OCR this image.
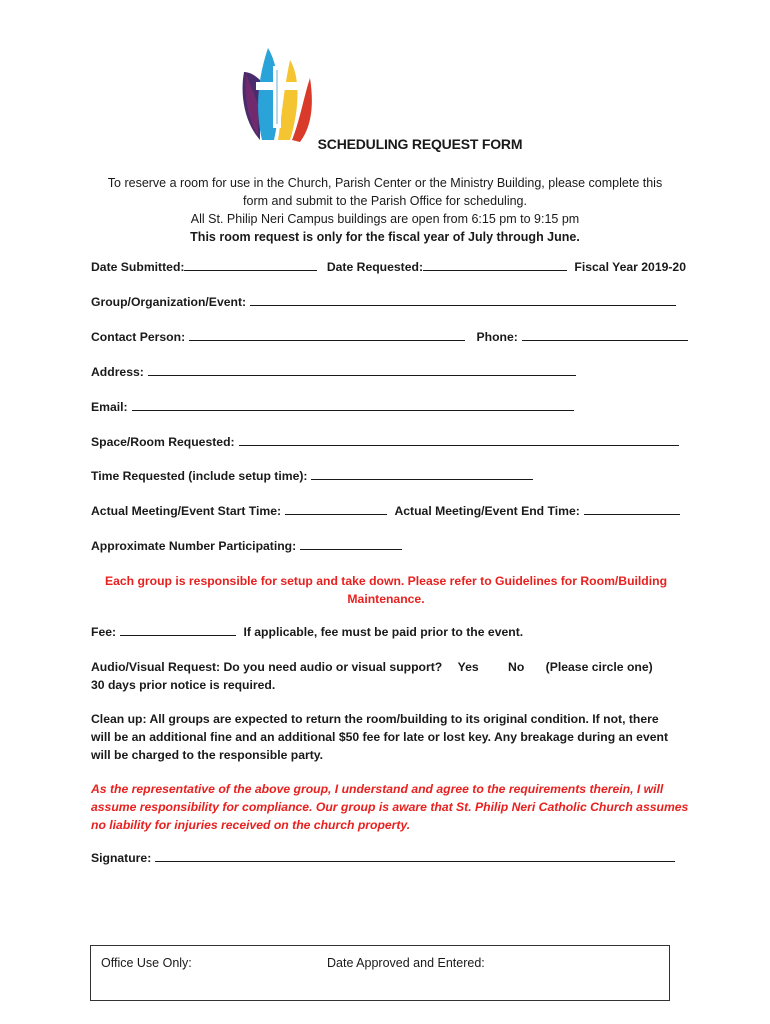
SCHEDULING REQUEST FORM
To reserve a room for use in the Church, Parish Center or the Ministry Building, please complete this
form and submit to the Parish Office for scheduling.
All St. Philip Neri Campus buildings are open from 6:15 pm to 9:15 pm
This room request is only for the fiscal year of July through June.
Date Submitted:	Date Requested:	Fiscal Year 2019-20
Group/Organization/Event:
Contact Person:	Phone:
Address:
Email:
Space/Room Requested:
Time Requested (include setup time):
Actual Meeting/Event Start Time:	Actual Meeting/Event End Time:
Approximate Number Participating:
Each group is responsible for setup and take down. Please refer to Guidelines for Room/Building
Maintenance.
Fee:	If applicable, fee must be paid prior to the event.
Audio/Visual Request: Do you need audio or visual support? Yes No (Please circle one)
30 days prior notice is required.
Clean up: All groups are expected to return the room/building to its original condition. If not, there
will be an additional fine and an additional $50 fee for late or lost key. Any breakage during an event
will be charged to the responsible party.
As the representative of the above group, I understand and agree to the requirements therein, I will
assume responsibility for compliance. Our group is aware that St. Philip Neri Catholic Church assumes
no liability for injuries received on the church property.
Signature:
Office Use Only:	Date Approved and Entered:
